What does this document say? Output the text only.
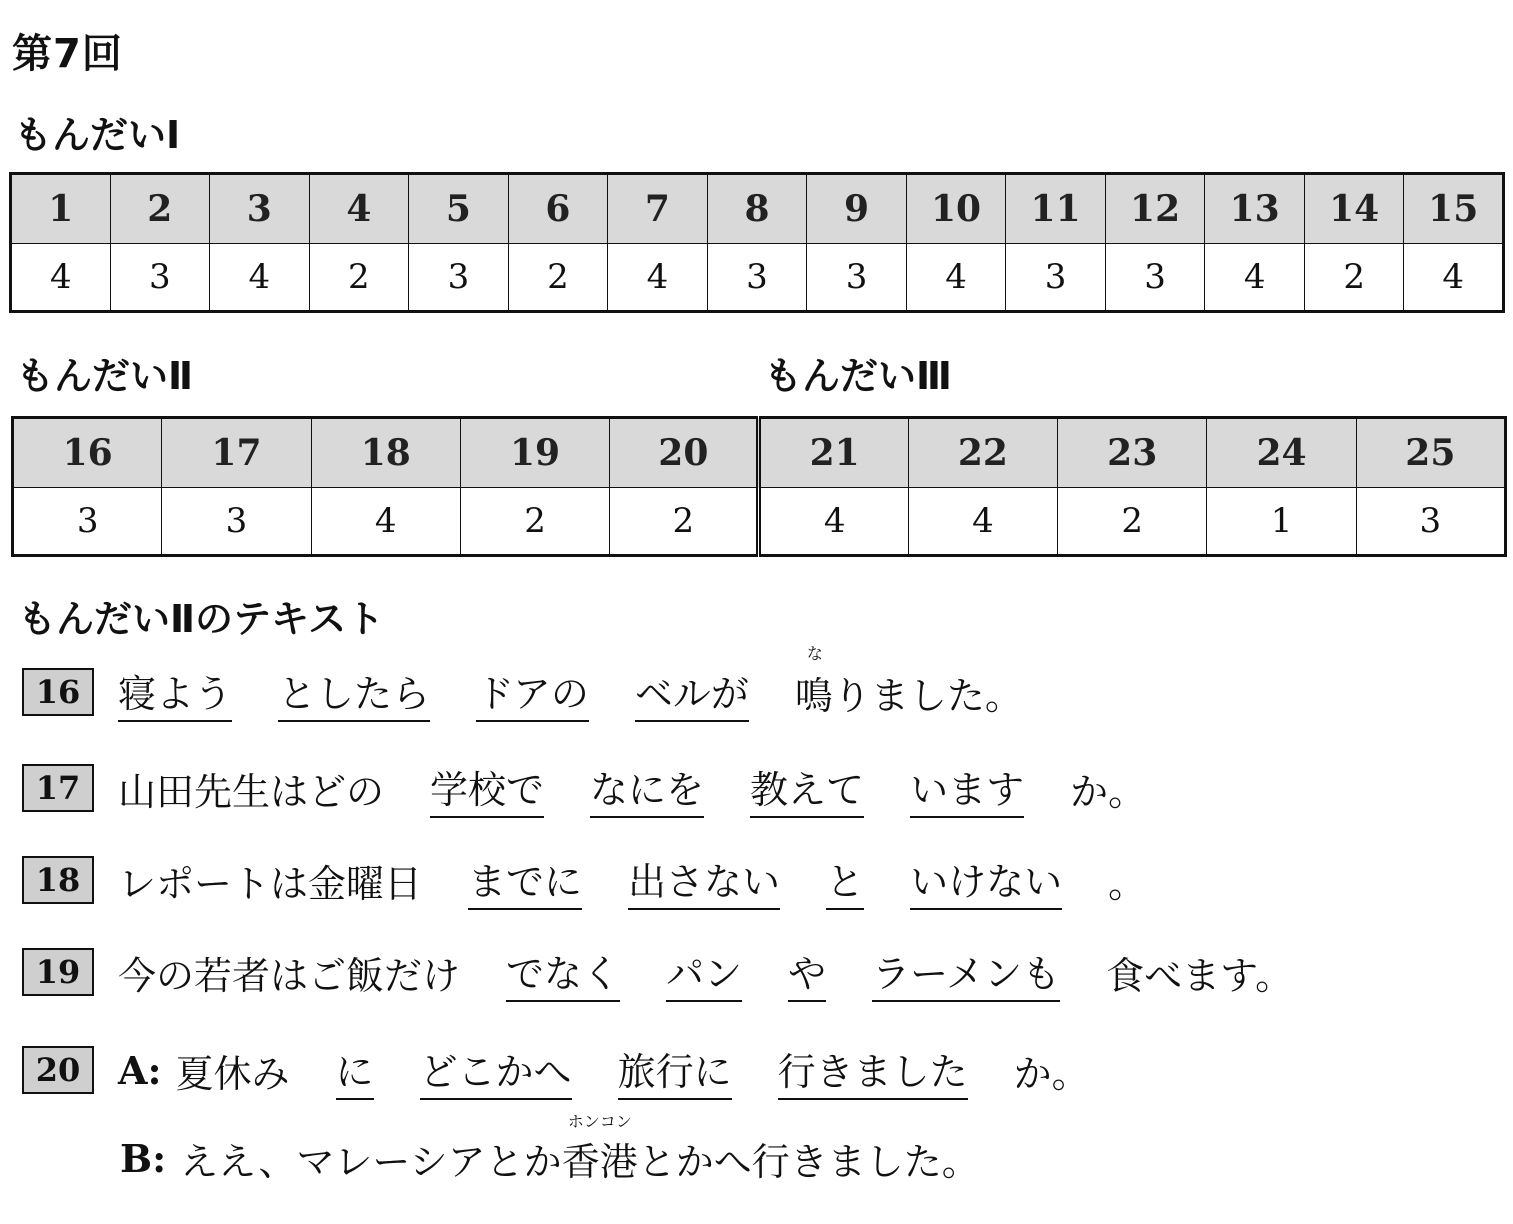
第7回
もんだいⅠ
1	2	3	4	5	6	7	8	9	10	11	12	13	14	15
4	3	4	2	3	2	4	3	3	4	3	3	4	2	4
もんだいⅡ	もんだいⅢ
16	17	18	19	20	21	22	23	24	25
3	3	4	2	2	4	4	2	1	3
もんだいⅡのテキスト
16 寝よう としたら ドアの ベルが
な
鳴りました。
17 山田先生はどの 学校で なにを 教えて います か。
18 レポートは金曜日 までに 出さない と いけない 。
19 今の若者はご飯だけ でなく パン や ラーメンも 食べます。
20 A: 夏休み に どこかへ 旅行に 行きました か。
B: ええ、マレーシアとか
ホンコン
香港とかへ行きました。
